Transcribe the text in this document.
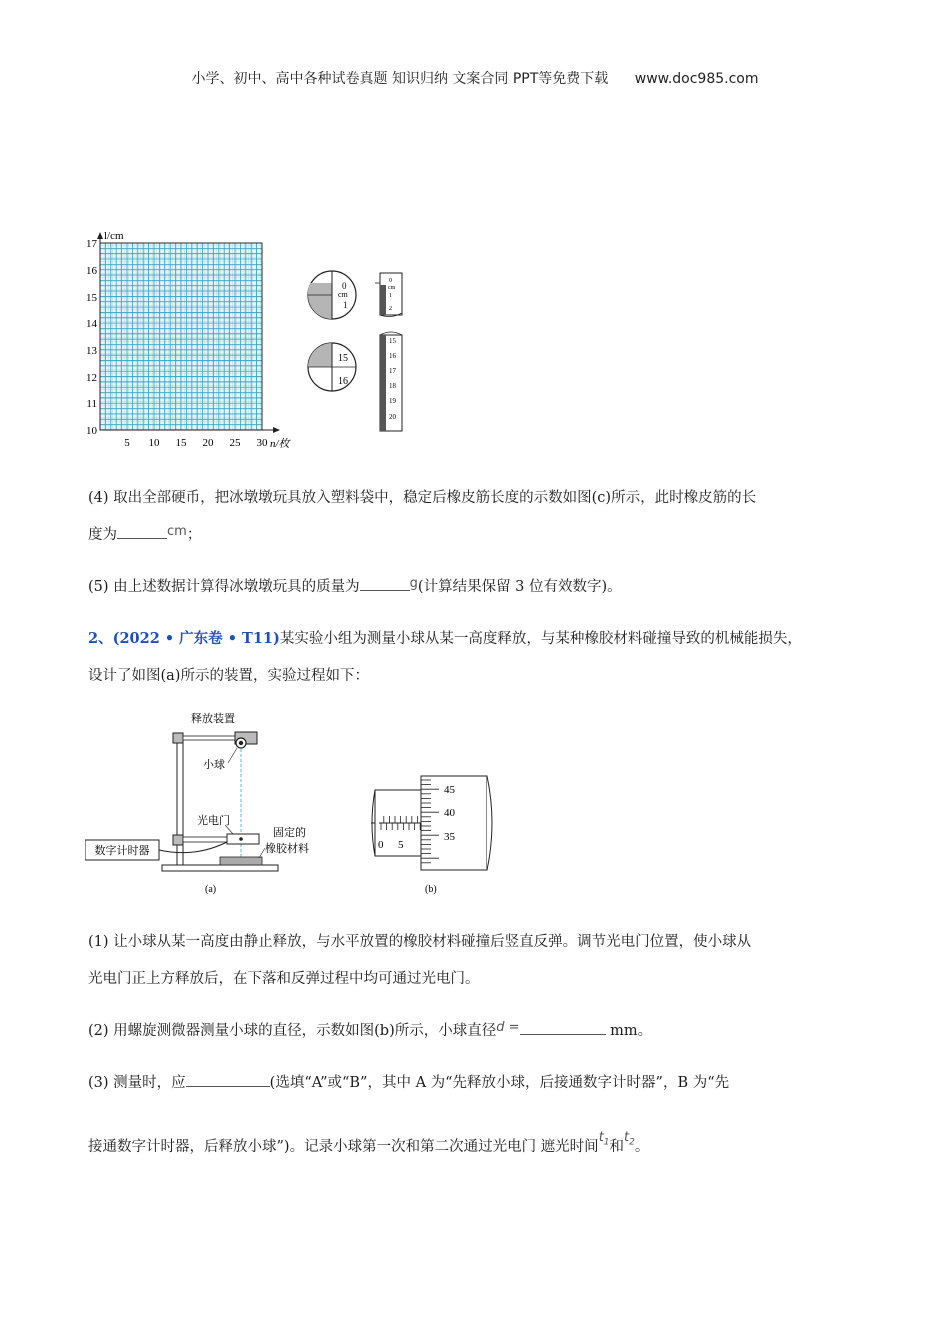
小学、初中、高中各种试卷真题 知识归纳 文案合同 PPT等免费下载 www.doc985.com
l/cm
n/枚
17
16
15
14
13
12
11
10
5 10 15 20 25 30
0
cm
1
0
cm
1
2
15
16
15
16
17
18
19
20
(4) 取出全部硬币，把冰墩墩玩具放入塑料袋中，稳定后橡皮筋长度的示数如图(c)所示，此时橡皮筋的长
度为	cm；
(5) 由上述数据计算得冰墩墩玩具的质量为	g(计算结果保留 3 位有效数字)。
2、(2022 • 广东卷 • T11)某实验小组为测量小球从某一高度释放，与某种橡胶材料碰撞导致的机械能损失，
设计了如图(a)所示的装置，实验过程如下：
数字计时器
释放装置
小球
光电门
固定的
橡胶材料
(a)
45
40
35
0 5
(b)
(1) 让小球从某一高度由静止释放，与水平放置的橡胶材料碰撞后竖直反弹。调节光电门位置，使小球从
光电门正上方释放后，在下落和反弹过程中均可通过光电门。
(2) 用螺旋测微器测量小球的直径，示数如图(b)所示，小球直径d =	mm。
(3) 测量时，应	(选填“A”或“B”，其中 A 为“先释放小球，后接通数字计时器”，B 为“先
接通数字计时器，后释放小球”)。记录小球第一次和第二次通过光电门 遮光时间$t_1$和$t_2$。
